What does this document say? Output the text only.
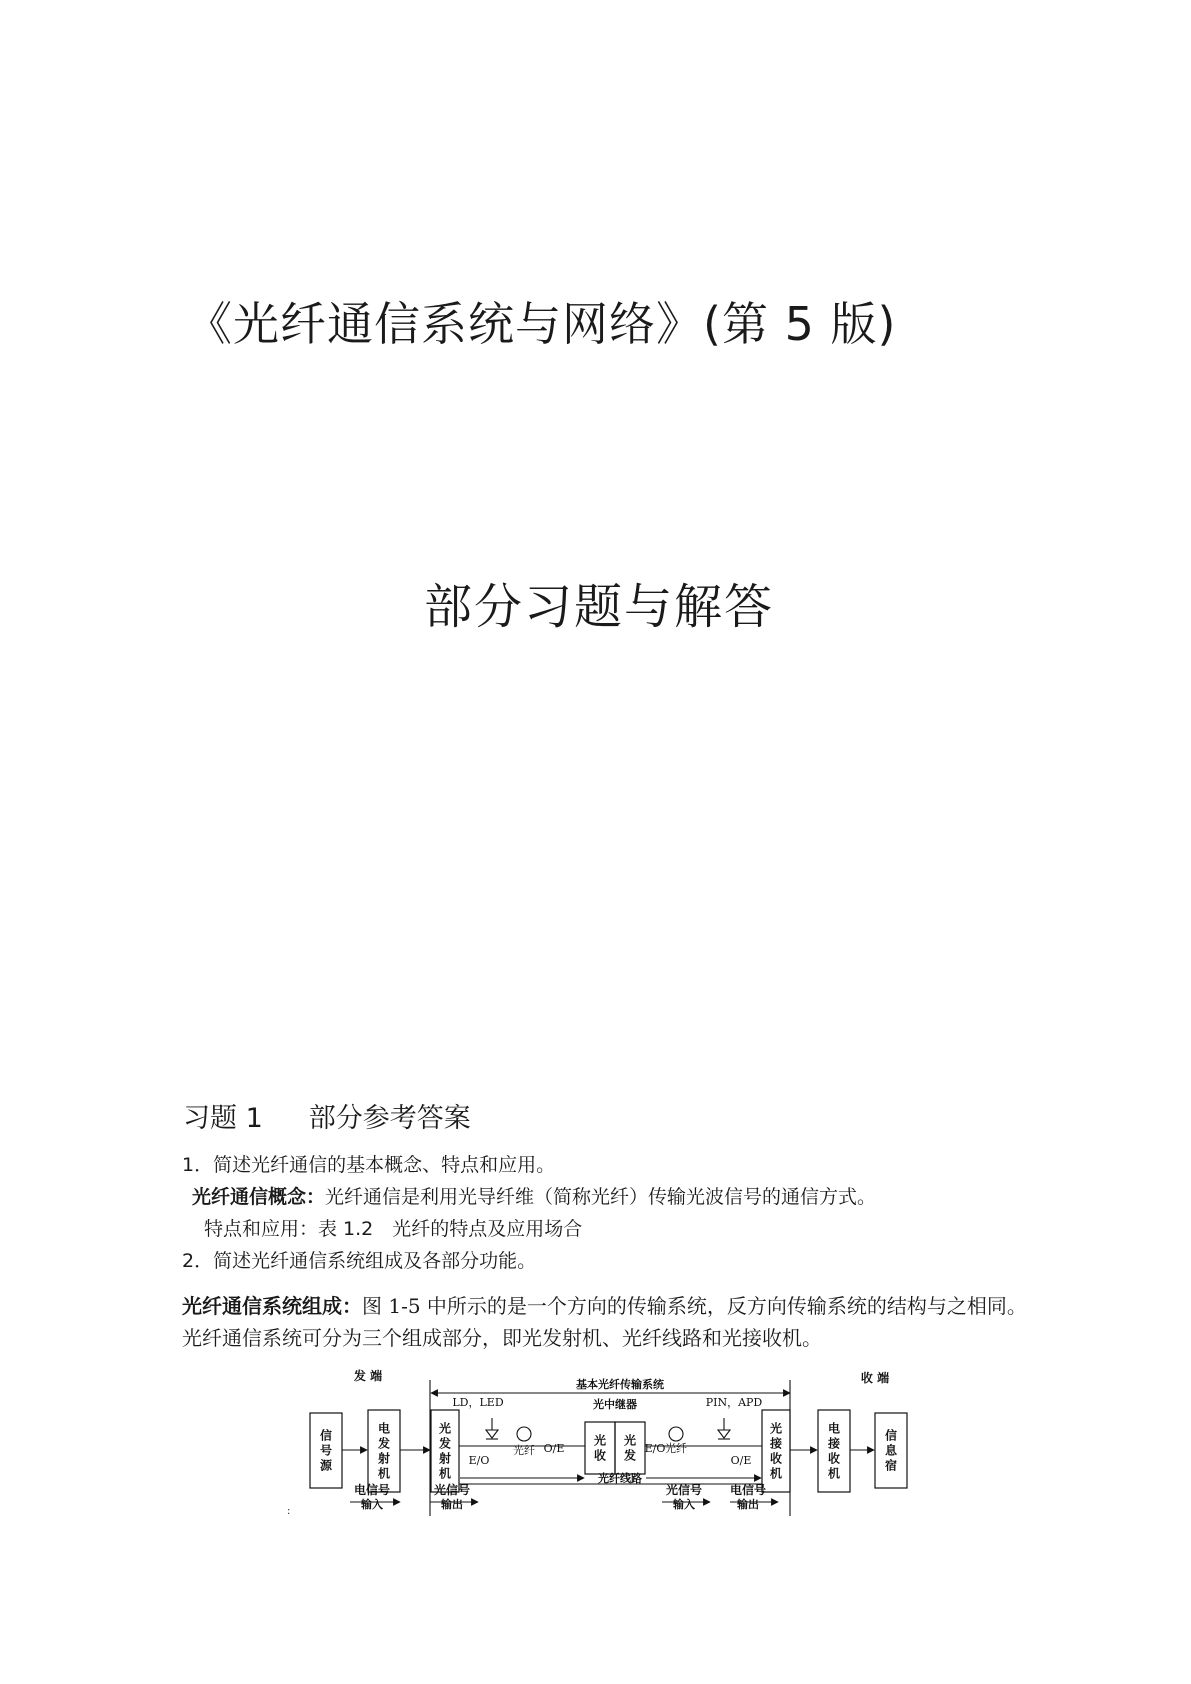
《光纤通信系统与网络》(第 5 版)
部分习题与解答
习题 1 部分参考答案
1．简述光纤通信的基本概念、特点和应用。
光纤通信概念：光纤通信是利用光导纤维（简称光纤）传输光波信号的通信方式。
特点和应用：表 1.2　光纤的特点及应用场合
2．简述光纤通信系统组成及各部分功能。
光纤通信系统组成：图 1-5 中所示的是一个方向的传输系统，反方向传输系统的结构与之相同。光纤通信系统可分为三个组成部分，即光发射机、光纤线路和光接收机。
发 端	收 端
基本光纤传输系统
信
号
源
电
发
射
机
光
发
射
机
光
收
光
发
光
接
收
机
电
接
收
机
信
息
宿
光纤线路
LD，LED
E/O
光纤 O/E	光纤
光中继器
E/O
PIN，APD
O/E
电信号
输入
光信号
输出
光信号
输入
电信号
输出
:
